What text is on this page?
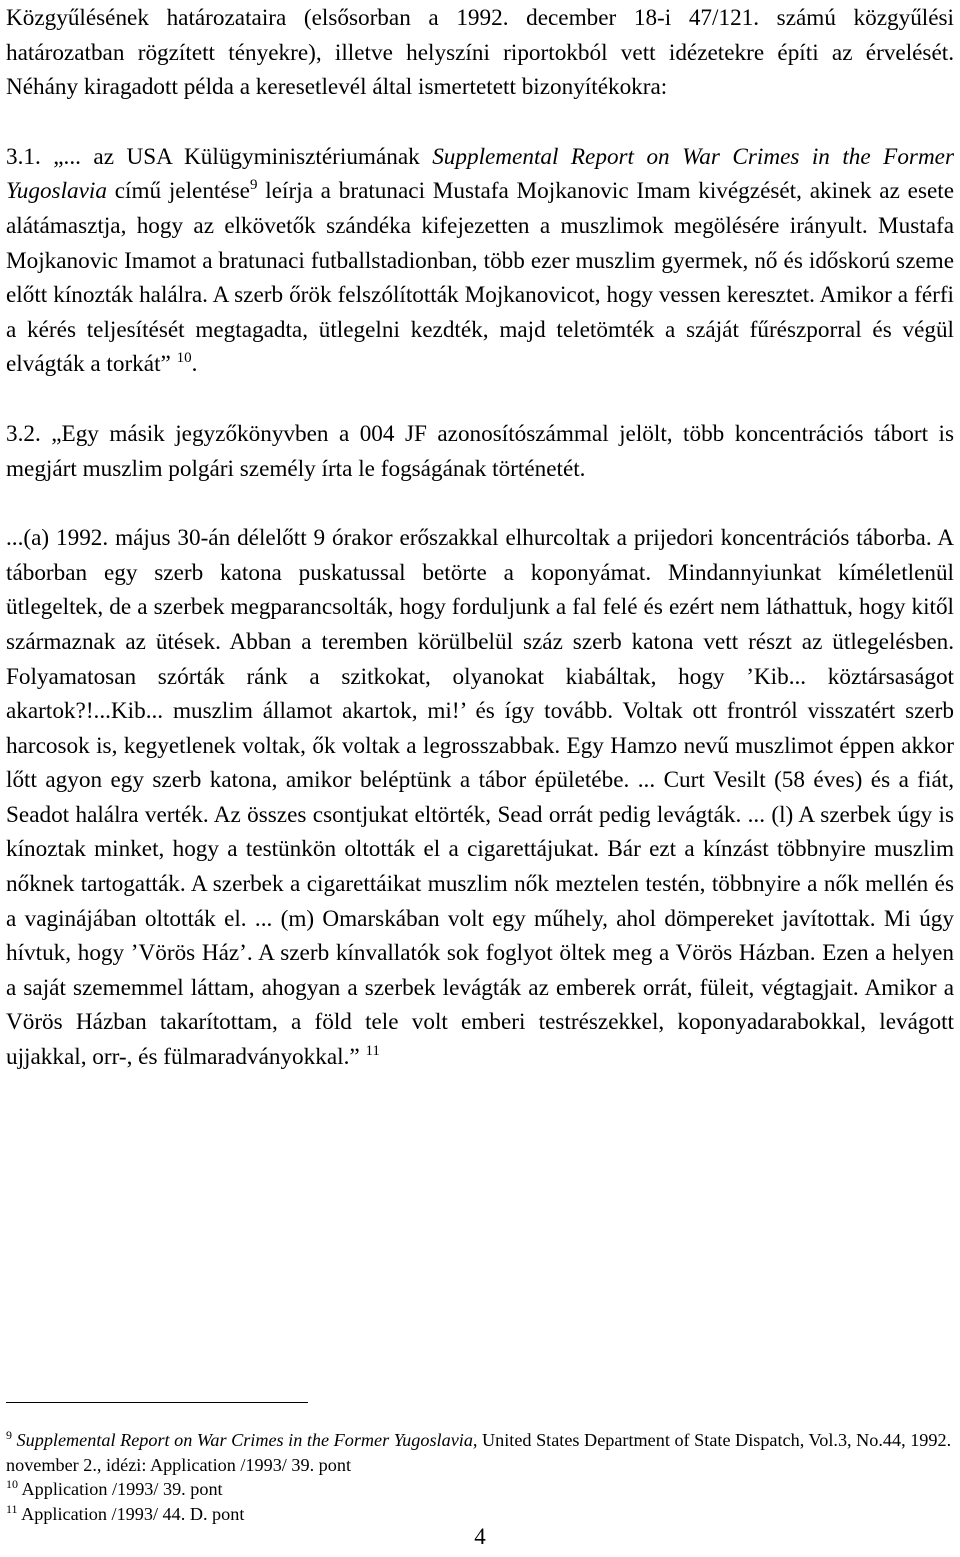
Közgyűlésének határozataira (elsősorban a 1992. december 18-i 47/121. számú közgyűlési határozatban rögzített tényekre), illetve helyszíni riportokból vett idézetekre építi az érvelését. Néhány kiragadott példa a keresetlevél által ismertetett bizonyítékokra:

3.1. „... az USA Külügyminisztériumának Supplemental Report on War Crimes in the Former Yugoslavia című jelentése$^9$ leírja a bratunaci Mustafa Mojkanovic Imam kivégzését, akinek az esete alátámasztja, hogy az elkövetők szándéka kifejezetten a muszlimok megölésére irányult. Mustafa Mojkanovic Imamot a bratunaci futballstadionban, több ezer muszlim gyermek, nő és időskorú szeme előtt kínozták halálra. A szerb őrök felszólították Mojkanovicot, hogy vessen keresztet. Amikor a férfi a kérés teljesítését megtagadta, ütlegelni kezdték, majd teletömték a száját fűrészporral és végül elvágták a torkát” $^{10}$.

3.2. „Egy másik jegyzőkönyvben a 004 JF azonosítószámmal jelölt, több koncentrációs tábort is megjárt muszlim polgári személy írta le fogságának történetét.

...(a) 1992. május 30-án délelőtt 9 órakor erőszakkal elhurcoltak a prijedori koncentrációs táborba. A táborban egy szerb katona puskatussal betörte a koponyámat. Mindannyiunkat kíméletlenül ütlegeltek, de a szerbek megparancsolták, hogy forduljunk a fal felé és ezért nem láthattuk, hogy kitől származnak az ütések. Abban a teremben körülbelül száz szerb katona vett részt az ütlegelésben. Folyamatosan szórták ránk a szitkokat, olyanokat kiabáltak, hogy ’Kib... köztársaságot akartok?!...Kib... muszlim államot akartok, mi!’ és így tovább. Voltak ott frontról visszatért szerb harcosok is, kegyetlenek voltak, ők voltak a legrosszabbak. Egy Hamzo nevű muszlimot éppen akkor lőtt agyon egy szerb katona, amikor beléptünk a tábor épületébe. ... Curt Vesilt (58 éves) és a fiát, Seadot halálra verték. Az összes csontjukat eltörték, Sead orrát pedig levágták. ... (l) A szerbek úgy is kínoztak minket, hogy a testünkön oltották el a cigarettájukat. Bár ezt a kínzást többnyire muszlim nőknek tartogatták. A szerbek a cigarettáikat muszlim nők meztelen testén, többnyire a nők mellén és a vaginájában oltották el. ... (m) Omarskában volt egy műhely, ahol dömpereket javítottak. Mi úgy hívtuk, hogy ’Vörös Ház’. A szerb kínvallatók sok foglyot öltek meg a Vörös Házban. Ezen a helyen a saját szememmel láttam, ahogyan a szerbek levágták az emberek orrát, füleit, végtagjait. Amikor a Vörös Házban takarítottam, a föld tele volt emberi testrészekkel, koponyadarabokkal, levágott ujjakkal, orr-, és fülmaradványokkal.” $^{11}$

$^9$ Supplemental Report on War Crimes in the Former Yugoslavia, United States Department of State Dispatch, Vol.3, No.44, 1992. november 2., idézi: Application /1993/ 39. pont

$^{10}$ Application /1993/ 39. pont

$^{11}$ Application /1993/ 44. D. pont

4
